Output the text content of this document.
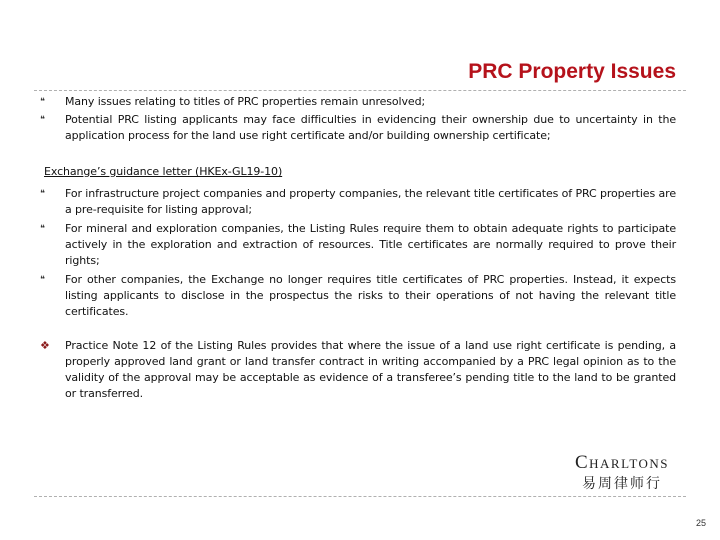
PRC Property Issues
❝	Many issues relating to titles of PRC properties remain unresolved;
❝	Potential PRC listing applicants may face difficulties in evidencing their ownership due to uncertainty in the application process for the land use right certificate and/or building ownership certificate;
Exchange’s guidance letter (HKEx-GL19-10)
❝	For infrastructure project companies and property companies, the relevant title certificates of PRC properties are a pre-requisite for listing approval;
❝	For mineral and exploration companies, the Listing Rules require them to obtain adequate rights to participate actively in the exploration and extraction of resources. Title certificates are normally required to prove their rights;
❝	For other companies, the Exchange no longer requires title certificates of PRC properties. Instead, it expects listing applicants to disclose in the prospectus the risks to their operations of not having the relevant title certificates.
❖ Practice Note 12 of the Listing Rules provides that where the issue of a land use right certificate is pending, a properly approved land grant or land transfer contract in writing accompanied by a PRC legal opinion as to the validity of the approval may be acceptable as evidence of a transferee’s pending title to the land to be granted or transferred.
Charltons
易周律师行
25
